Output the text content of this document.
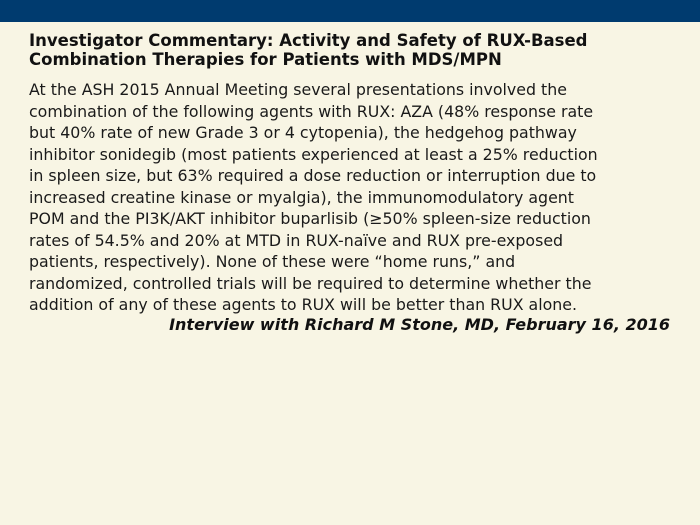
Investigator Commentary: Activity and Safety of RUX-Based
Combination Therapies for Patients with MDS/MPN

At the ASH 2015 Annual Meeting several presentations involved the
combination of the following agents with RUX: AZA (48% response rate
but 40% rate of new Grade 3 or 4 cytopenia), the hedgehog pathway
inhibitor sonidegib (most patients experienced at least a 25% reduction
in spleen size, but 63% required a dose reduction or interruption due to
increased creatine kinase or myalgia), the immunomodulatory agent
POM and the PI3K/AKT inhibitor buparlisib (≥50% spleen-size reduction
rates of 54.5% and 20% at MTD in RUX-naïve and RUX pre-exposed
patients, respectively). None of these were “home runs,” and
randomized, controlled trials will be required to determine whether the
addition of any of these agents to RUX will be better than RUX alone.

Interview with Richard M Stone, MD, February 16, 2016
